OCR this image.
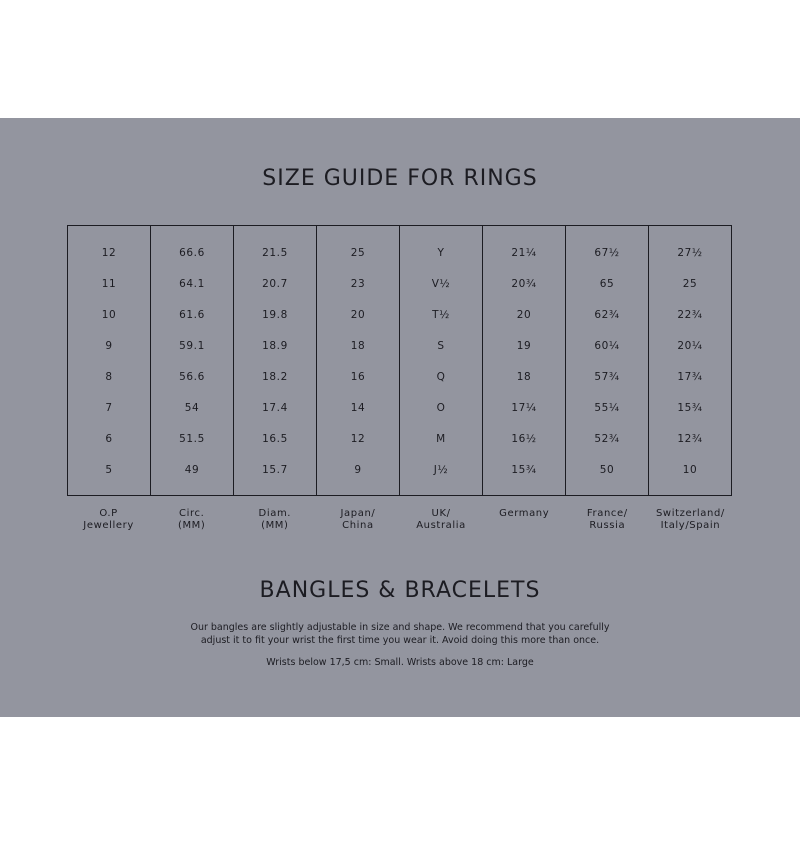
SIZE GUIDE FOR RINGS
12
11
10
9
8
7
6
5
66.6
64.1
61.6
59.1
56.6
54
51.5
49
21.5
20.7
19.8
18.9
18.2
17.4
16.5
15.7
25
23
20
18
16
14
12
9
Y
V½
T½
S
Q
O
M
J½
21¼
20¾
20
19
18
17¼
16½
15¾
67½
65
62¾
60¼
57¾
55¼
52¾
50
27½
25
22¾
20¼
17¾
15¾
12¾
10
O.P
Jewellery
Circ.
(MM)
Diam.
(MM)
Japan/
China
UK/
Australia
Germany	France/
Russia
Switzerland/
Italy/Spain
BANGLES & BRACELETS
Our bangles are slightly adjustable in size and shape. We recommend that you carefully
adjust it to fit your wrist the first time you wear it. Avoid doing this more than once.
Wrists below 17,5 cm: Small. Wrists above 18 cm: Large
